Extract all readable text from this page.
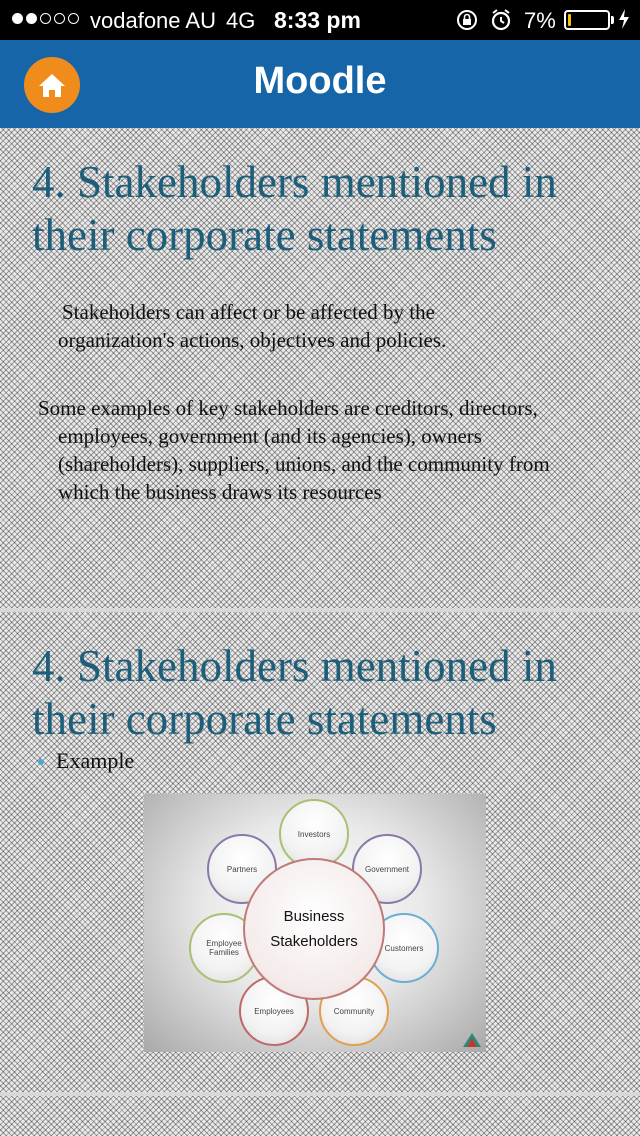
vodafone AU 4G 8:33 pm	7%
Moodle
4. Stakeholders mentioned in their corporate statements
Stakeholders can affect or be affected by the organization's actions, objectives and policies.
Some examples of key stakeholders are creditors, directors, employees, government (and its agencies), owners (shareholders), suppliers, unions, and the community from which the business draws its resources
4. Stakeholders mentioned in their corporate statements
Example
Investors
Partners	Government
Employee Families	Customers
Employees	Community
Business
Stakeholders
